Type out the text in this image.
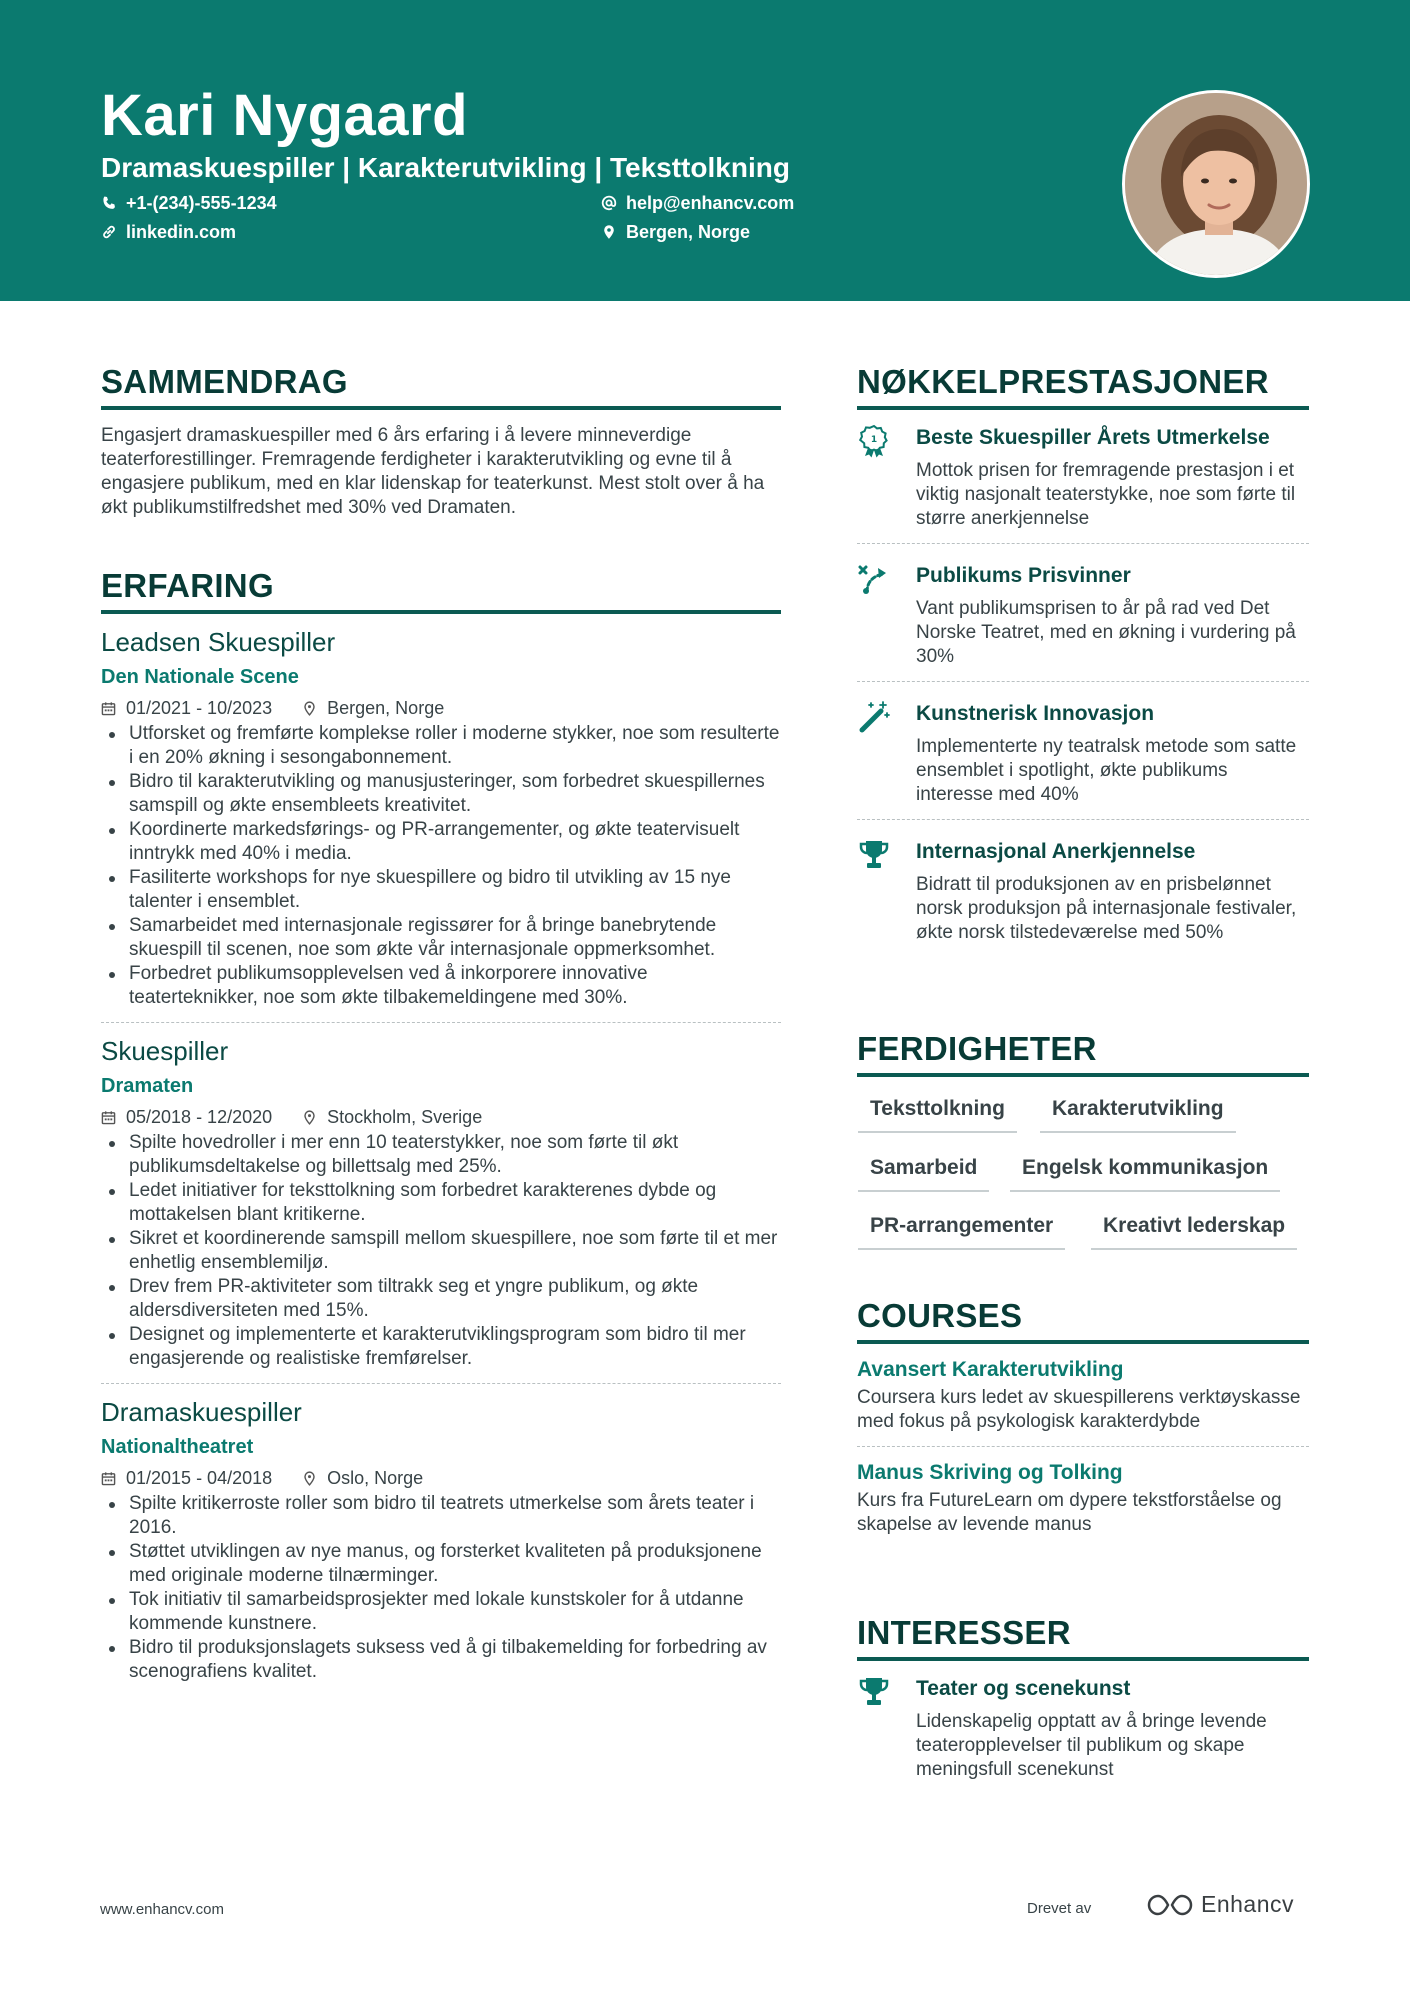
Kari Nygaard
Dramaskuespiller | Karakterutvikling | Teksttolkning
+1-(234)-555-1234	help@enhancv.com
linkedin.com	Bergen, Norge
SAMMENDRAG
Engasjert dramaskuespiller med 6 års erfaring i å levere minneverdige teaterforestillinger. Fremragende ferdigheter i karakterutvikling og evne til å engasjere publikum, med en klar lidenskap for teaterkunst. Mest stolt over å ha økt publikumstilfredshet med 30% ved Dramaten.
ERFARING
Leadsen Skuespiller
Den Nationale Scene
01/2021 - 10/2023	Bergen, Norge
Utforsket og fremførte komplekse roller i moderne stykker, noe som resulterte i en 20% økning i sesongabonnement.
Bidro til karakterutvikling og manusjusteringer, som forbedret skuespillernes samspill og økte ensembleets kreativitet.
Koordinerte markedsførings- og PR-arrangementer, og økte teatervisuelt inntrykk med 40% i media.
Fasiliterte workshops for nye skuespillere og bidro til utvikling av 15 nye talenter i ensemblet.
Samarbeidet med internasjonale regissører for å bringe banebrytende skuespill til scenen, noe som økte vår internasjonale oppmerksomhet.
Forbedret publikumsopplevelsen ved å inkorporere innovative teaterteknikker, noe som økte tilbakemeldingene med 30%.
Skuespiller
Dramaten
05/2018 - 12/2020	Stockholm, Sverige
Spilte hovedroller i mer enn 10 teaterstykker, noe som førte til økt publikumsdeltakelse og billettsalg med 25%.
Ledet initiativer for teksttolkning som forbedret karakterenes dybde og mottakelsen blant kritikerne.
Sikret et koordinerende samspill mellom skuespillere, noe som førte til et mer enhetlig ensemblemiljø.
Drev frem PR-aktiviteter som tiltrakk seg et yngre publikum, og økte aldersdiversiteten med 15%.
Designet og implementerte et karakterutviklingsprogram som bidro til mer engasjerende og realistiske fremførelser.
Dramaskuespiller
Nationaltheatret
01/2015 - 04/2018	Oslo, Norge
Spilte kritikerroste roller som bidro til teatrets utmerkelse som årets teater i 2016.
Støttet utviklingen av nye manus, og forsterket kvaliteten på produksjonene med originale moderne tilnærminger.
Tok initiativ til samarbeidsprosjekter med lokale kunstskoler for å utdanne kommende kunstnere.
Bidro til produksjonslagets suksess ved å gi tilbakemelding for forbedring av scenografiens kvalitet.
NØKKELPRESTASJONER
1 Beste Skuespiller Årets Utmerkelse
Mottok prisen for fremragende prestasjon i et viktig nasjonalt teaterstykke, noe som førte til større anerkjennelse
Publikums Prisvinner
Vant publikumsprisen to år på rad ved Det Norske Teatret, med en økning i vurdering på 30%
Kunstnerisk Innovasjon
Implementerte ny teatralsk metode som satte ensemblet i spotlight, økte publikums interesse med 40%
Internasjonal Anerkjennelse
Bidratt til produksjonen av en prisbelønnet norsk produksjon på internasjonale festivaler, økte norsk tilstedeværelse med 50%
FERDIGHETER
Teksttolkning	Karakterutvikling
Samarbeid	Engelsk kommunikasjon
PR-arrangementer	Kreativt lederskap
COURSES
Avansert Karakterutvikling
Coursera kurs ledet av skuespillerens verktøyskasse med fokus på psykologisk karakterdybde
Manus Skriving og Tolking
Kurs fra FutureLearn om dypere tekstforståelse og skapelse av levende manus
INTERESSER
Teater og scenekunst
Lidenskapelig opptatt av å bringe levende teateropplevelser til publikum og skape meningsfull scenekunst
www.enhancv.com	Drevet av	Enhancv
